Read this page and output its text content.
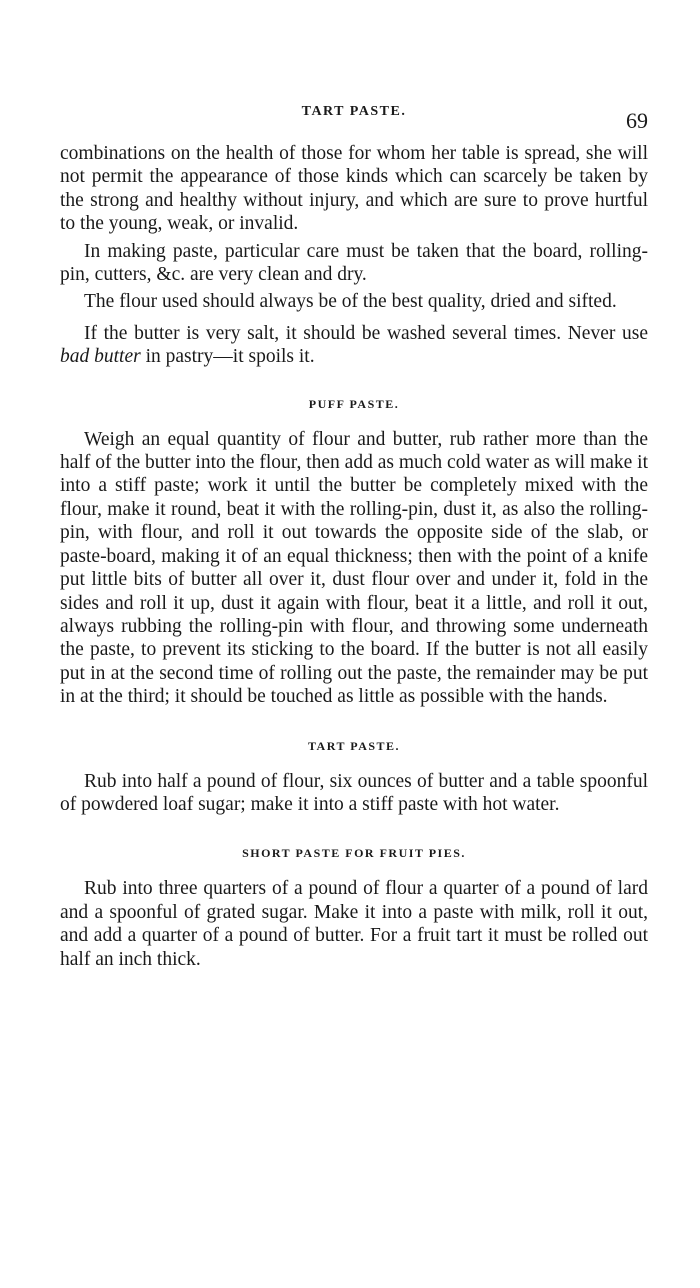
TART PASTE.	69

combinations on the health of those for whom her table is spread, she will not permit the appearance of those kinds which can scarcely be taken by the strong and healthy without injury, and which are sure to prove hurtful to the young, weak, or invalid.

In making paste, particular care must be taken that the board, rolling-pin, cutters, &c. are very clean and dry.

The flour used should always be of the best quality, dried and sifted.

If the butter is very salt, it should be washed several times. Never use bad butter in pastry—it spoils it.

PUFF PASTE.

Weigh an equal quantity of flour and butter, rub rather more than the half of the butter into the flour, then add as much cold water as will make it into a stiff paste; work it until the butter be completely mixed with the flour, make it round, beat it with the rolling-pin, dust it, as also the rolling-pin, with flour, and roll it out towards the opposite side of the slab, or paste-board, making it of an equal thickness; then with the point of a knife put little bits of butter all over it, dust flour over and under it, fold in the sides and roll it up, dust it again with flour, beat it a little, and roll it out, always rubbing the rolling-pin with flour, and throwing some underneath the paste, to prevent its sticking to the board. If the butter is not all easily put in at the second time of rolling out the paste, the remainder may be put in at the third; it should be touched as little as possible with the hands.

TART PASTE.

Rub into half a pound of flour, six ounces of butter and a table spoonful of powdered loaf sugar; make it into a stiff paste with hot water.

SHORT PASTE FOR FRUIT PIES.

Rub into three quarters of a pound of flour a quarter of a pound of lard and a spoonful of grated sugar. Make it into a paste with milk, roll it out, and add a quarter of a pound of butter. For a fruit tart it must be rolled out half an inch thick.
